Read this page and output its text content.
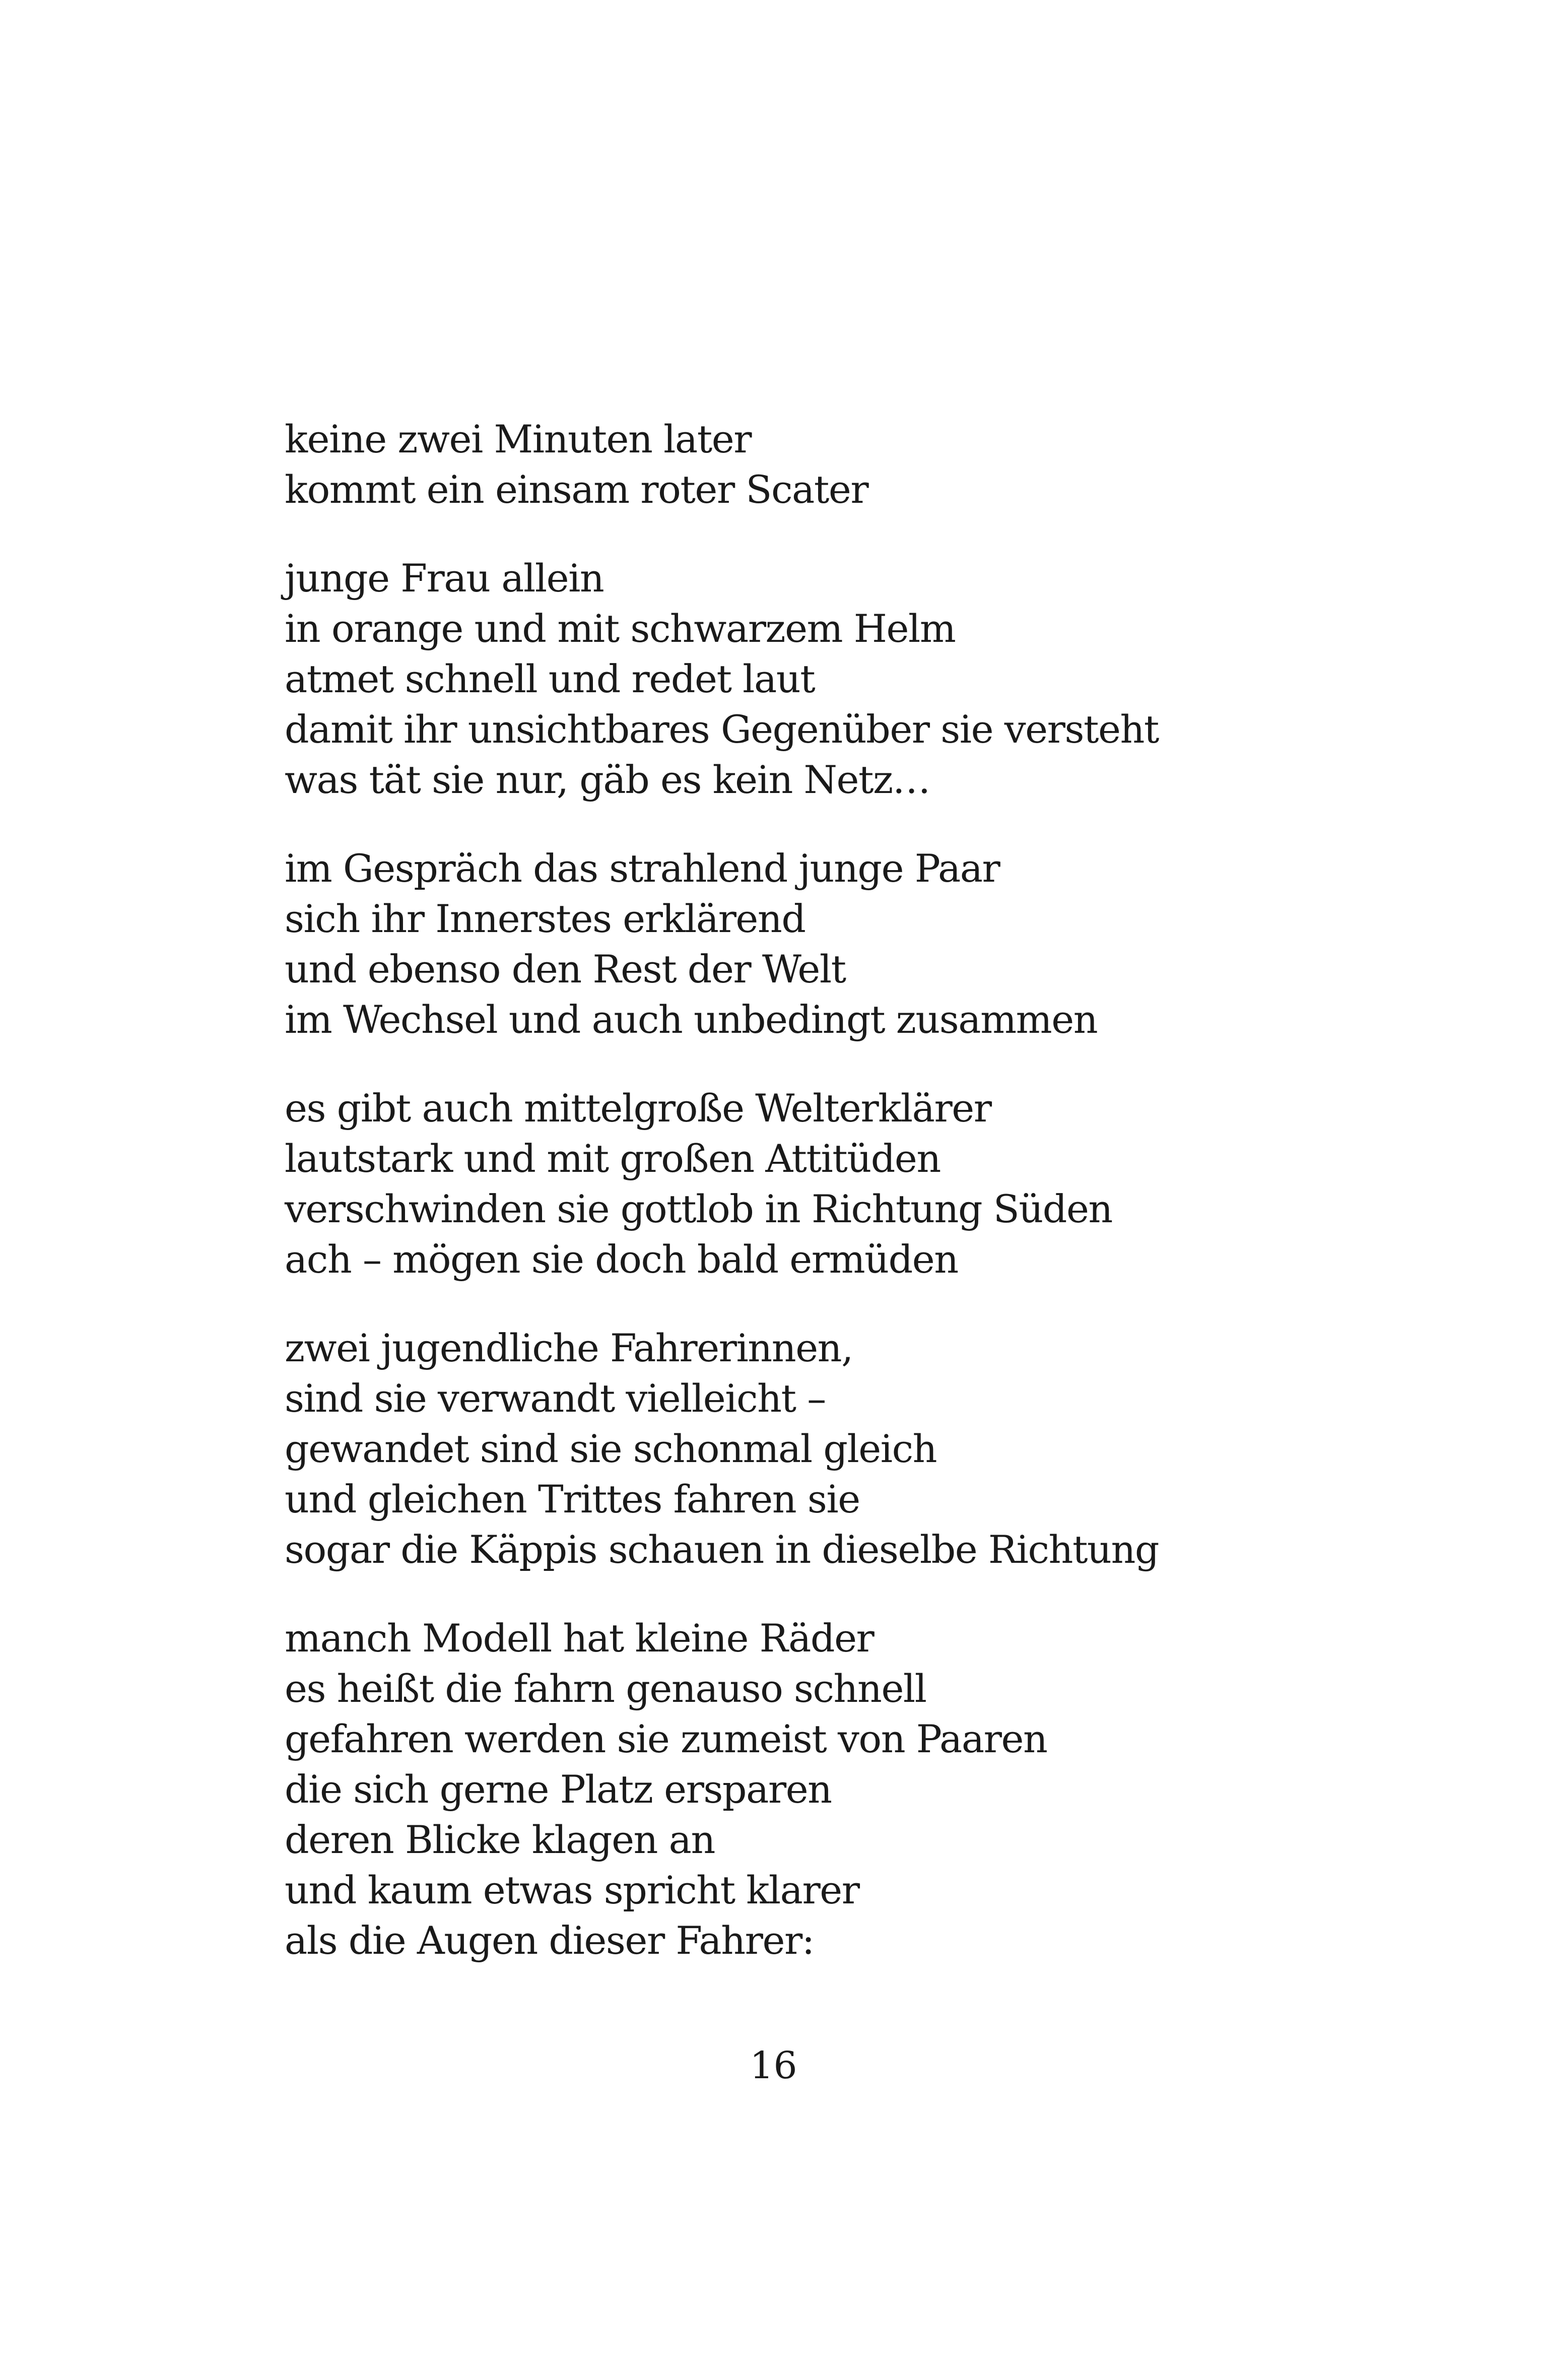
keine zwei Minuten later
kommt ein einsam roter Scater
junge Frau allein
in orange und mit schwarzem Helm
atmet schnell und redet laut
damit ihr unsichtbares Gegenüber sie versteht
was tät sie nur, gäb es kein Netz…
im Gespräch das strahlend junge Paar
sich ihr Innerstes erklärend
und ebenso den Rest der Welt
im Wechsel und auch unbedingt zusammen
es gibt auch mittelgroße Welterklärer
lautstark und mit großen Attitüden
verschwinden sie gottlob in Richtung Süden
ach – mögen sie doch bald ermüden
zwei jugendliche Fahrerinnen,
sind sie verwandt vielleicht –
gewandet sind sie schonmal gleich
und gleichen Trittes fahren sie
sogar die Käppis schauen in dieselbe Richtung
manch Modell hat kleine Räder
es heißt die fahrn genauso schnell
gefahren werden sie zumeist von Paaren
die sich gerne Platz ersparen
deren Blicke klagen an
und kaum etwas spricht klarer
als die Augen dieser Fahrer:
16
